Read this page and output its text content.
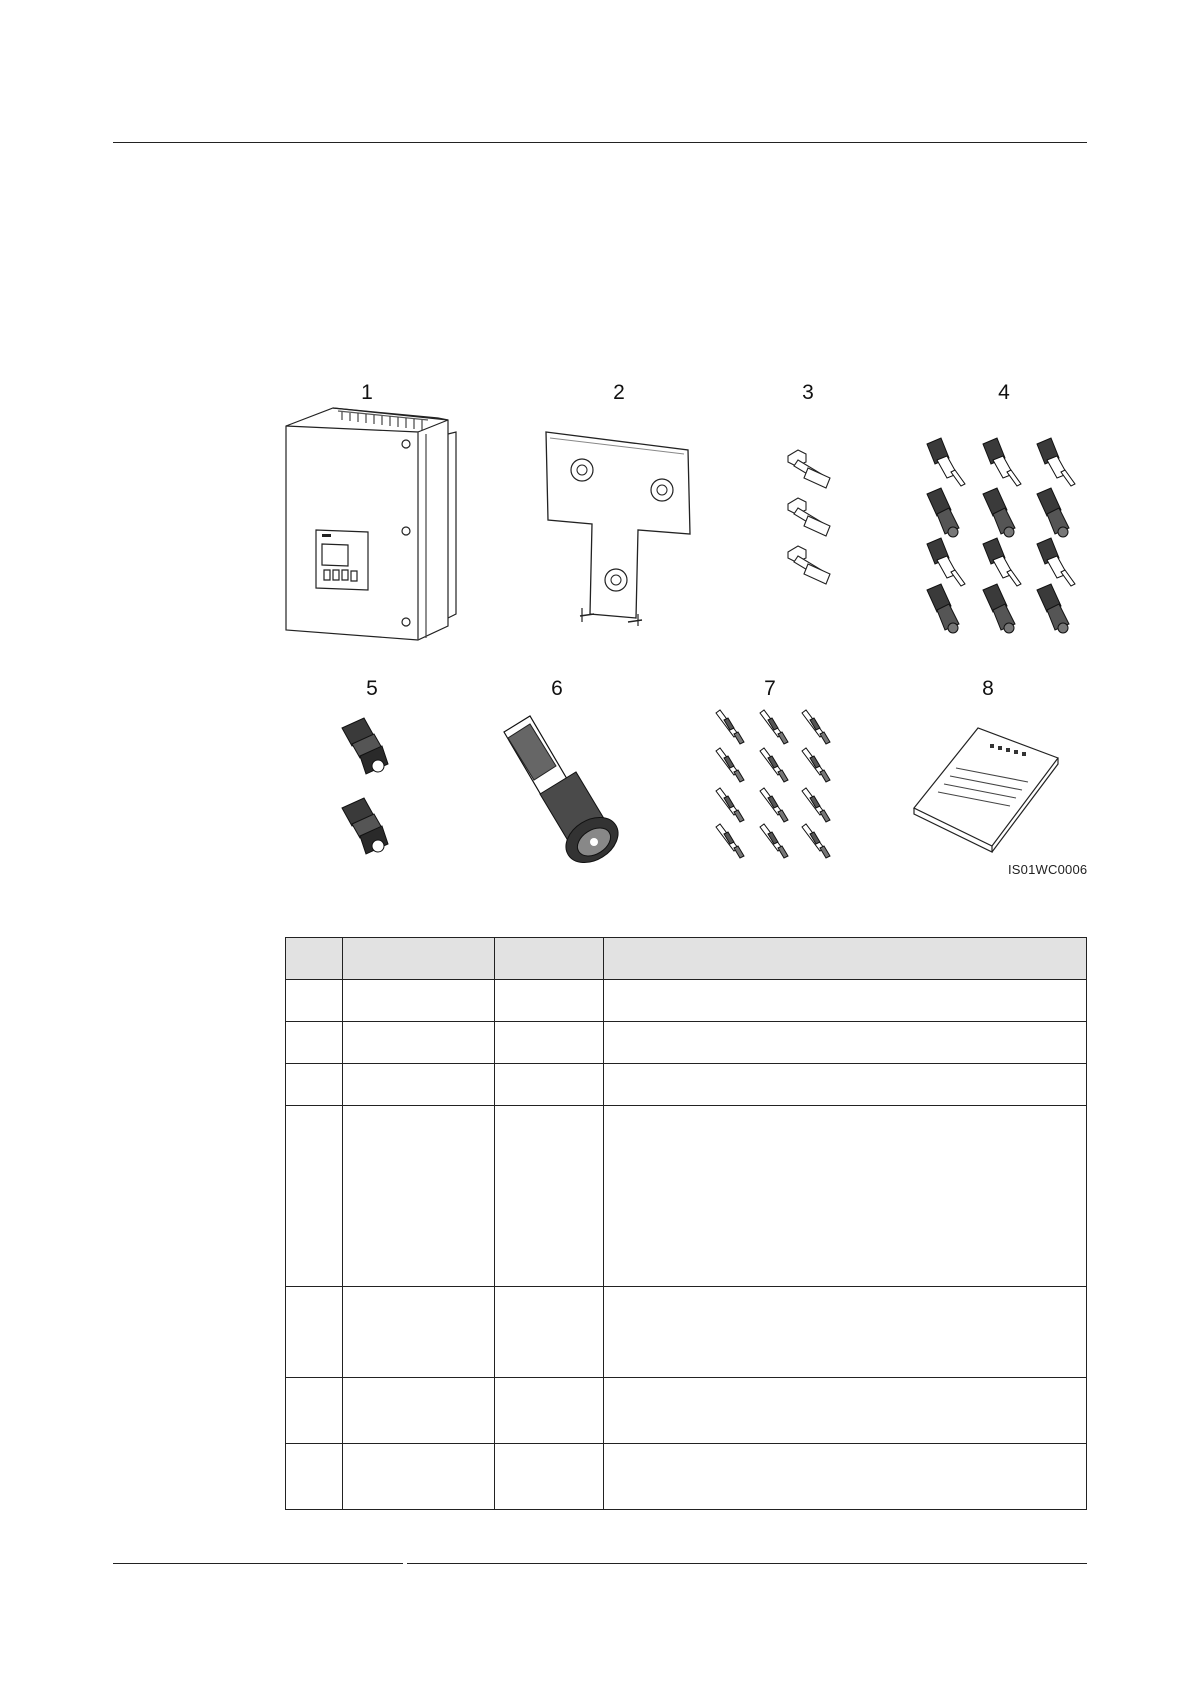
1	2	3	4
5	6	7	8
IS01WC0006
